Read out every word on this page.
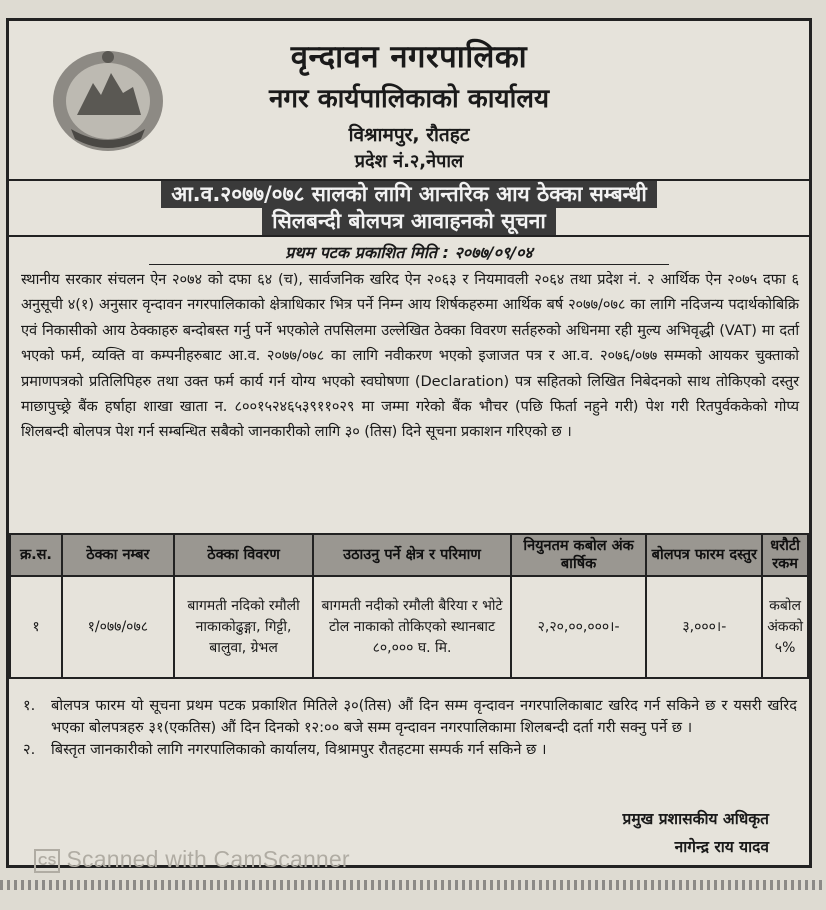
वृन्दावन नगरपालिका
नगर कार्यपालिकाको कार्यालय
विश्रामपुर, रौतहट
प्रदेश नं.२,नेपाल
आ.व.२०७७/०७८ सालको लागि आन्तरिक आय ठेक्का सम्बन्धी
सिलबन्दी बोलपत्र आवाहनको सूचना
प्रथम पटक प्रकाशित मिति : २०७७/०९/०४
स्थानीय सरकार संचलन ऐन २०७४ को दफा ६४ (च), सार्वजनिक खरिद ऐन २०६३ र नियमावली २०६४ तथा प्रदेश नं. २ आर्थिक ऐन २०७५ दफा ६ अनुसूची ४(१) अनुसार वृन्दावन नगरपालिकाको क्षेत्राधिकार भित्र पर्ने निम्न आय शिर्षकहरुमा आर्थिक बर्ष २०७७/०७८ का लागि नदिजन्य पदार्थकोबिक्रि एवं निकासीको आय ठेक्काहरु बन्दोबस्त गर्नु पर्ने भएकोले तपसिलमा उल्लेखित ठेक्का विवरण सर्तहरुको अधिनमा रही मुल्य अभिवृद्धी (VAT) मा दर्ता भएको फर्म, व्यक्ति वा कम्पनीहरुबाट आ.व. २०७७/०७८ का लागि नवीकरण भएको इजाजत पत्र र आ.व. २०७६/०७७ सम्मको आयकर चुक्ताको प्रमाणपत्रको प्रतिलिपिहरु तथा उक्त फर्म कार्य गर्न योग्य भएको स्वघोषणा (Declaration) पत्र सहितको लिखित निबेदनको साथ तोकिएको दस्तुर माछापुच्छ्रे बैंक हर्षाहा शाखा खाता न. ८००१५२४६५३९११०२९ मा जम्मा गरेको बैंक भौचर (पछि फिर्ता नहुने गरी) पेश गरी रितपुर्वककेको गोप्य शिलबन्दी बोलपत्र पेश गर्न सम्बन्धित सबैको जानकारीको लागि ३० (तिस) दिने सूचना प्रकाशन गरिएको छ ।
क्र.स.	ठेक्का नम्बर	ठेक्का विवरण	उठाउनु पर्ने क्षेत्र र परिमाण	नियुनतम कबोल अंक बार्षिक	बोलपत्र फारम दस्तुर	धरौटी रकम
१	१/०७७/०७८	बागमती नदिको रमौली नाकाकोढुङ्गा, गिट्टी, बालुवा, ग्रेभल	बागमती नदीको रमौली बैरिया र भोटे टोल नाकाको तोकिएको स्थानबाट ८०,००० घ. मि.	२,२०,००,०००।-	३,०००।-	कबोल अंकको ५%
१. बोलपत्र फारम यो सूचना प्रथम पटक प्रकाशित मितिले ३०(तिस) औं दिन सम्म वृन्दावन नगरपालिकाबाट खरिद गर्न सकिने छ र यसरी खरिद भएका बोलपत्रहरु ३१(एकतिस) औं दिन दिनको १२:०० बजे सम्म वृन्दावन नगरपालिकामा शिलबन्दी दर्ता गरी सक्नु पर्ने छ ।
२. बिस्तृत जानकारीको लागि नगरपालिकाको कार्यालय, विश्रामपुर रौतहटमा सम्पर्क गर्न सकिने छ ।
प्रमुख प्रशासकीय अधिकृत
नागेन्द्र राय यादव
CS Scanned with CamScanner
